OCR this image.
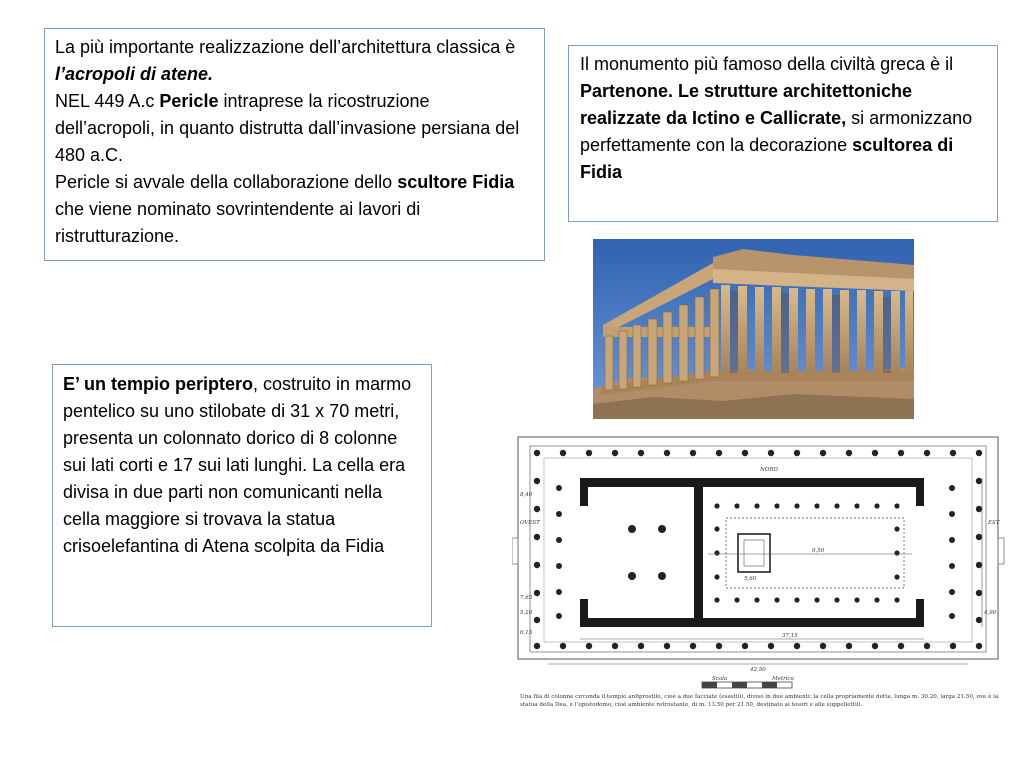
La più importante realizzazione dell’architettura classica è l’acropoli di atene.
NEL 449 A.c Pericle intraprese la ricostruzione dell’acropoli, in quanto distrutta dall’invasione persiana del 480 a.C.
Pericle si avvale della collaborazione dello scultore Fidia che viene nominato sovrintendente ai lavori di ristrutturazione.
Il monumento più famoso della civiltà greca è il Partenone. Le strutture architettoniche realizzate da Ictino e Callicrate, si armonizzano perfettamente con la decorazione scultorea di Fidia
E’ un tempio periptero, costruito in marmo pentelico su uno stilobate di 31 x 70 metri, presenta un colonnato dorico di 8 colonne sui lati corti e 17 sui lati lunghi. La cella era divisa in due parti non comunicanti nella cella maggiore si trovava la statua crisoelefantina di Atena scolpita da Fidia
NORD
OVEST	EST
8,40
7,65
5,20
6,15	37,15
42,50
4,90
9,50
5,60
Scala	Metrica
Una fila di colonne circonda il tempio anfiprostilo, cioè a due facciate (esastili), diviso in due ambienti: la cella propriamente detta, lunga m. 30.20, larga 21.50, ove è la statua della Dea, e l’opistodomo, cioè ambiente retrostante, di m. 13.50 per 21.50, destinato ai tesori e alle suppellettili.
